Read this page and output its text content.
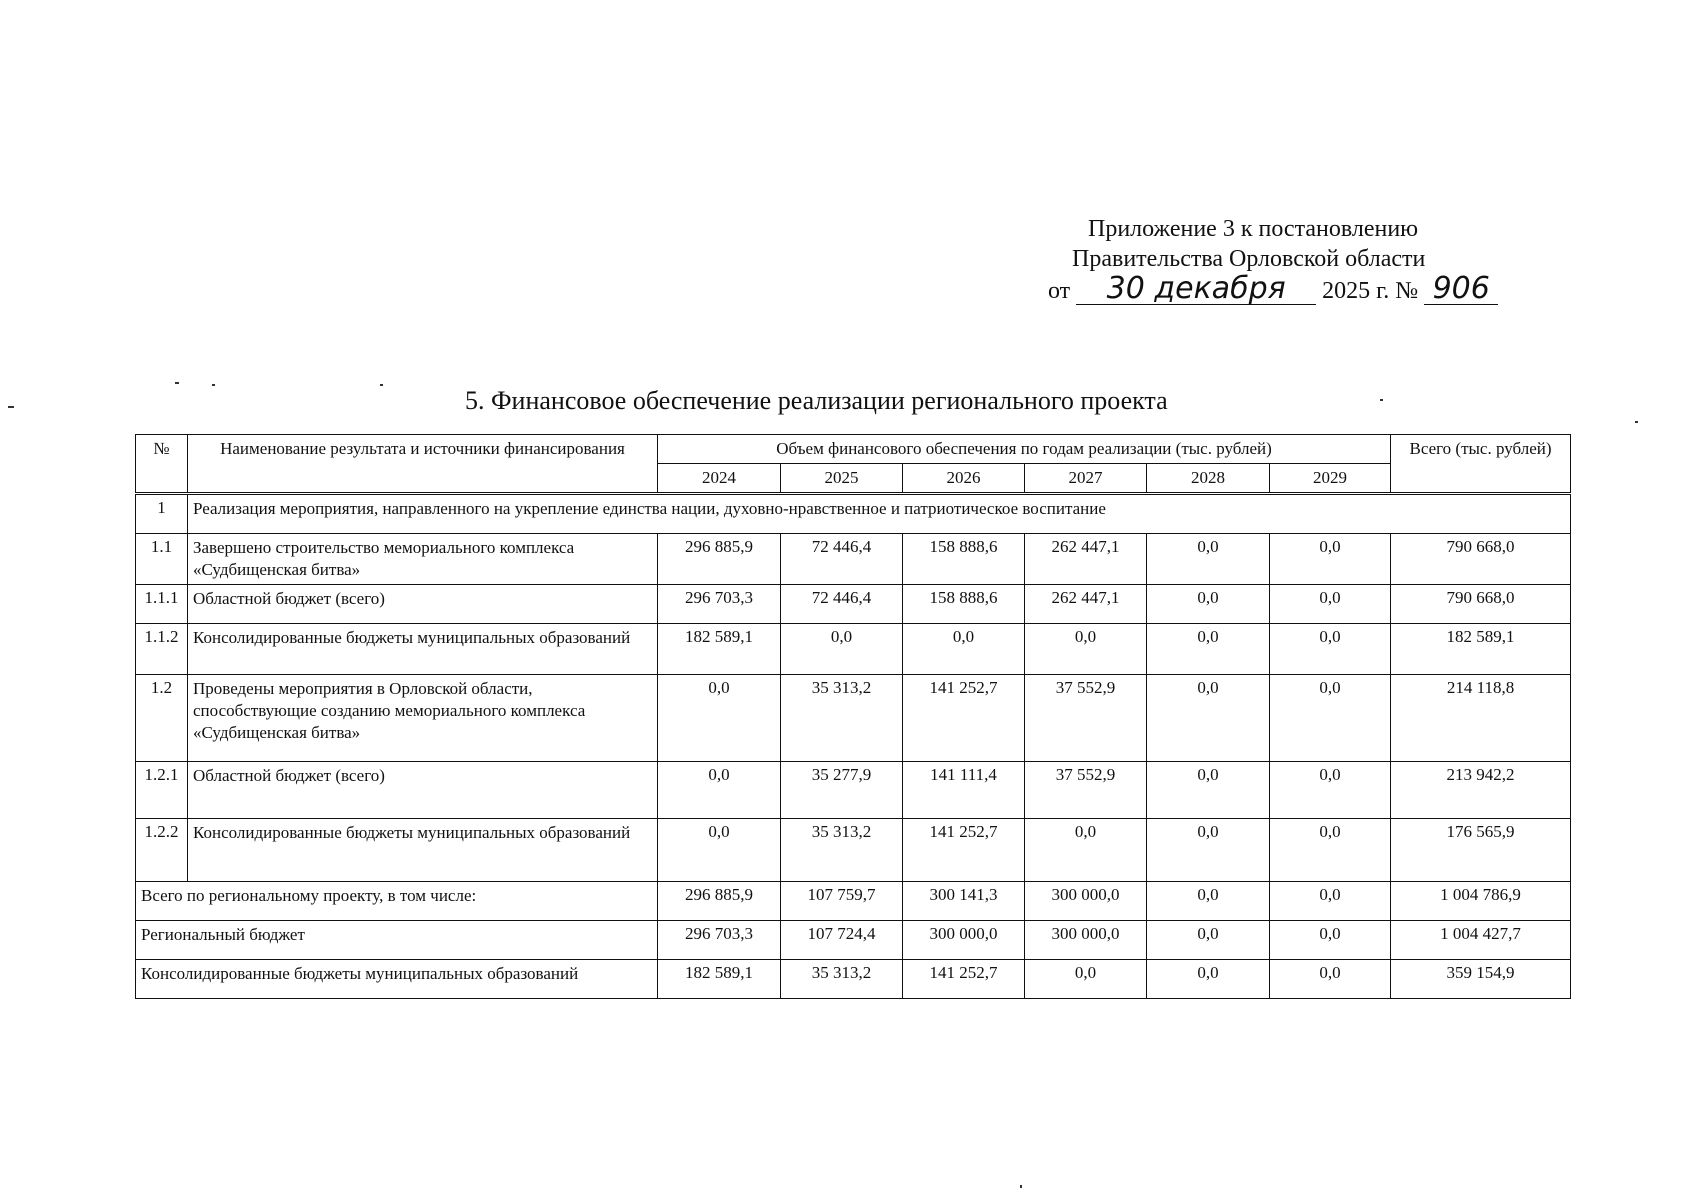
Приложение 3 к постановлению
Правительства Орловской области
от 30 декабря 2025 г. № 906
5. Финансовое обеспечение реализации регионального проекта
№	Наименование результата и источники финансирования	Объем финансового обеспечения по годам реализации (тыс. рублей)						Всего (тыс. рублей)
		2024	2025	2026	2027	2028	2029	
1	Реализация мероприятия, направленного на укрепление единства нации, духовно-нравственное и патриотическое воспитание							
1.1	Завершено строительство мемориального комплекса «Судбищенская битва»	296 885,9	72 446,4	158 888,6	262 447,1	0,0	0,0	790 668,0
1.1.1	Областной бюджет (всего)	296 703,3	72 446,4	158 888,6	262 447,1	0,0	0,0	790 668,0
1.1.2	Консолидированные бюджеты муниципальных образований	182 589,1	0,0	0,0	0,0	0,0	0,0	182 589,1
1.2	Проведены мероприятия в Орловской области, способствующие созданию мемориального комплекса «Судбищенская битва»	0,0	35 313,2	141 252,7	37 552,9	0,0	0,0	214 118,8
1.2.1	Областной бюджет (всего)	0,0	35 277,9	141 111,4	37 552,9	0,0	0,0	213 942,2
1.2.2	Консолидированные бюджеты муниципальных образований	0,0	35 313,2	141 252,7	0,0	0,0	0,0	176 565,9
Всего по региональному проекту, в том числе:		296 885,9	107 759,7	300 141,3	300 000,0	0,0	0,0	1 004 786,9
Региональный бюджет		296 703,3	107 724,4	300 000,0	300 000,0	0,0	0,0	1 004 427,7
Консолидированные бюджеты муниципальных образований		182 589,1	35 313,2	141 252,7	0,0	0,0	0,0	359 154,9
